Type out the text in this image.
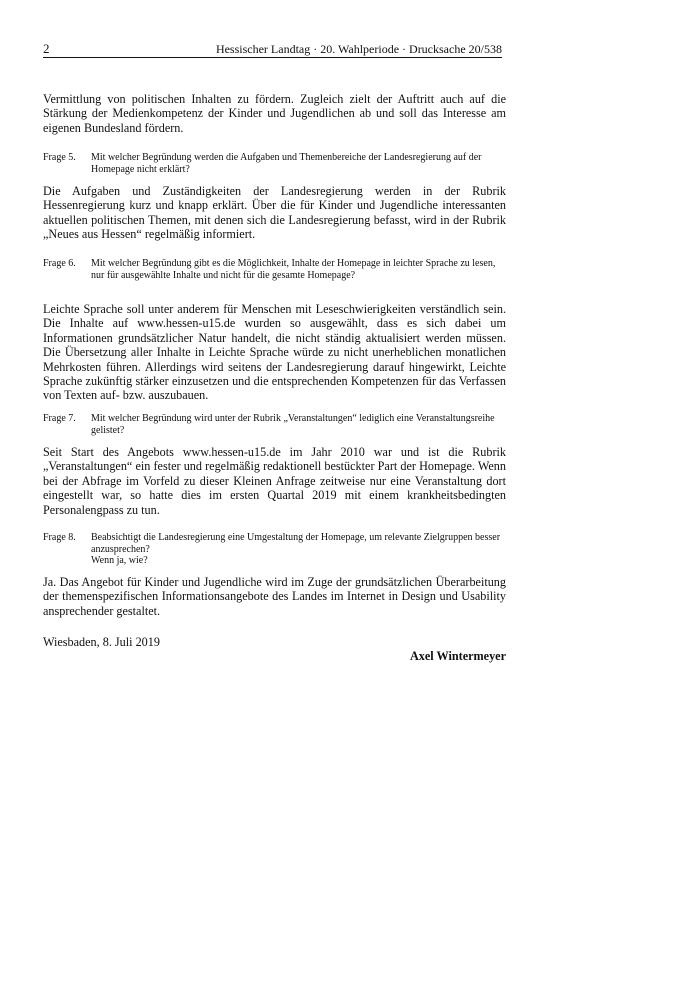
2	Hessischer Landtag · 20. Wahlperiode · Drucksache 20/538

Vermittlung von politischen Inhalten zu fördern. Zugleich zielt der Auftritt auch auf die Stärkung der Medienkompetenz der Kinder und Jugendlichen ab und soll das Interesse am eigenen Bundesland fördern.

Frage 5. Mit welcher Begründung werden die Aufgaben und Themenbereiche der Landesregierung auf der Homepage nicht erklärt?

Die Aufgaben und Zuständigkeiten der Landesregierung werden in der Rubrik Hessenregierung kurz und knapp erklärt. Über die für Kinder und Jugendliche interessanten aktuellen politischen Themen, mit denen sich die Landesregierung befasst, wird in der Rubrik „Neues aus Hessen“ regelmäßig informiert.

Frage 6. Mit welcher Begründung gibt es die Möglichkeit, Inhalte der Homepage in leichter Sprache zu lesen, nur für ausgewählte Inhalte und nicht für die gesamte Homepage?

Leichte Sprache soll unter anderem für Menschen mit Leseschwierigkeiten verständlich sein. Die Inhalte auf www.hessen-u15.de wurden so ausgewählt, dass es sich dabei um Informationen grundsätzlicher Natur handelt, die nicht ständig aktualisiert werden müssen. Die Übersetzung aller Inhalte in Leichte Sprache würde zu nicht unerheblichen monatlichen Mehrkosten führen. Allerdings wird seitens der Landesregierung darauf hingewirkt, Leichte Sprache zukünftig stärker einzusetzen und die entsprechenden Kompetenzen für das Verfassen von Texten auf- bzw. auszubauen.

Frage 7. Mit welcher Begründung wird unter der Rubrik „Veranstaltungen“ lediglich eine Veranstaltungsreihe gelistet?

Seit Start des Angebots www.hessen-u15.de im Jahr 2010 war und ist die Rubrik „Veranstaltungen“ ein fester und regelmäßig redaktionell bestückter Part der Homepage. Wenn bei der Abfrage im Vorfeld zu dieser Kleinen Anfrage zeitweise nur eine Veranstaltung dort eingestellt war, so hatte dies im ersten Quartal 2019 mit einem krankheitsbedingten Personalengpass zu tun.

Frage 8. Beabsichtigt die Landesregierung eine Umgestaltung der Homepage, um relevante Zielgruppen besser anzusprechen?
Wenn ja, wie?

Ja. Das Angebot für Kinder und Jugendliche wird im Zuge der grundsätzlichen Überarbeitung der themenspezifischen Informationsangebote des Landes im Internet in Design und Usability ansprechender gestaltet.

Wiesbaden, 8. Juli 2019
Axel Wintermeyer
